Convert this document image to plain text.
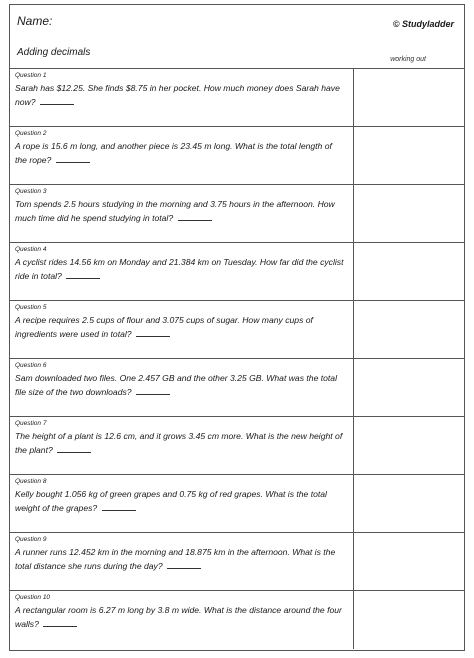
Name:	© Studyladder
Adding decimals
working out
Question 1
Sarah has $12.25. She finds $8.75 in her pocket. How much money does Sarah have now?
Question 2
A rope is 15.6 m long, and another piece is 23.45 m long. What is the total length of the rope?
Question 3
Tom spends 2.5 hours studying in the morning and 3.75 hours in the afternoon. How much time did he spend studying in total?
Question 4
A cyclist rides 14.56 km on Monday and 21.384 km on Tuesday. How far did the cyclist ride in total?
Question 5
A recipe requires 2.5 cups of flour and 3.075 cups of sugar. How many cups of ingredients were used in total?
Question 6
Sam downloaded two files. One 2.457 GB and the other 3.25 GB. What was the total file size of the two downloads?
Question 7
The height of a plant is 12.6 cm, and it grows 3.45 cm more. What is the new height of the plant?
Question 8
Kelly bought 1.056 kg of green grapes and 0.75 kg of red grapes. What is the total weight of the grapes?
Question 9
A runner runs 12.452 km in the morning and 18.875 km in the afternoon. What is the total distance she runs during the day?
Question 10
A rectangular room is 6.27 m long by 3.8 m wide. What is the distance around the four walls?
